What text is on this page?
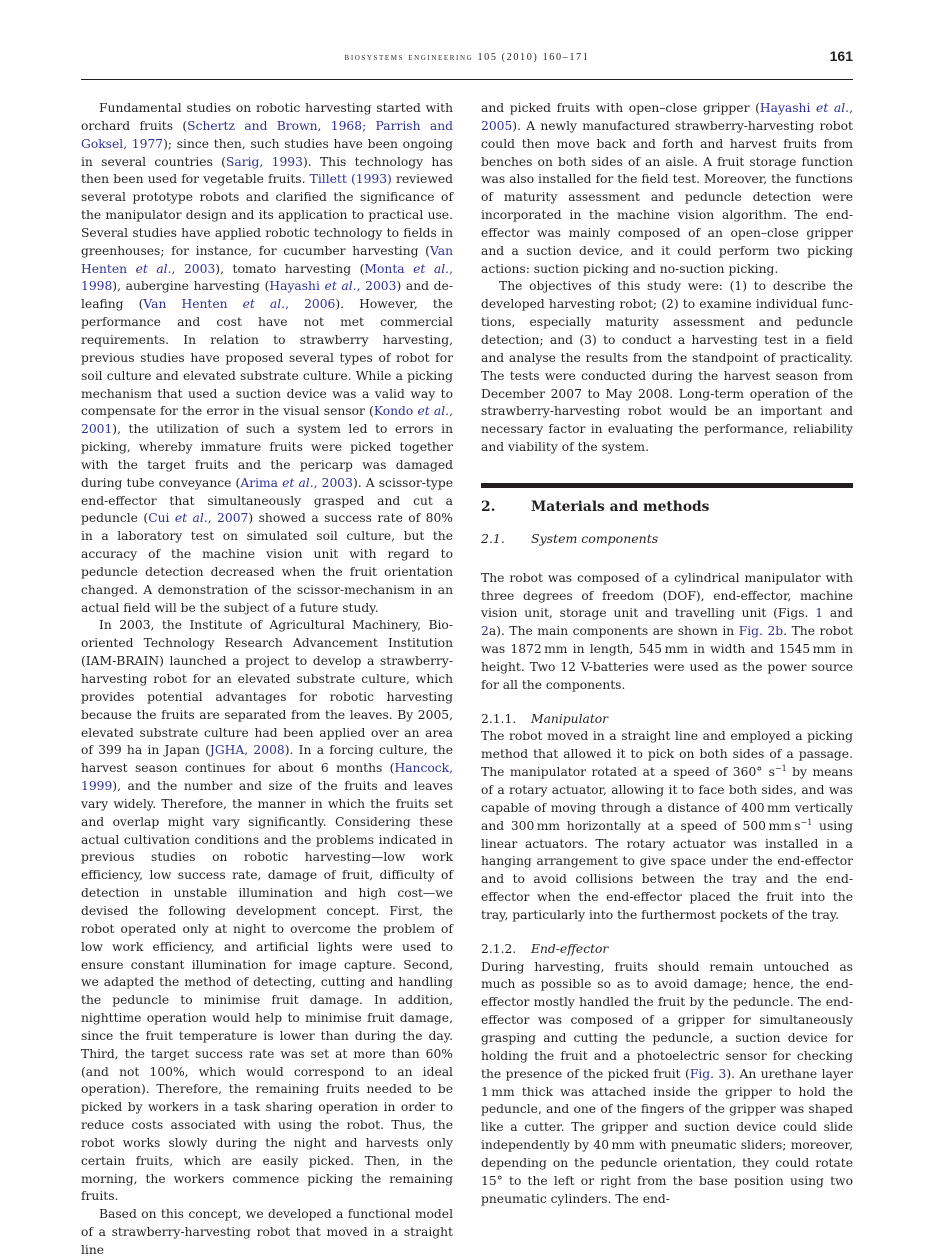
biosystems engineering 105 (2010) 160–171	161

Fundamental studies on robotic harvesting started with orchard fruits (Schertz and Brown, 1968; Parrish and Goksel, 1977); since then, such studies have been ongoing in several countries (Sarig, 1993). This technology has then been used for vegetable fruits. Tillett (1993) reviewed several prototype robots and clarified the significance of the manipulator design and its application to practical use. Several studies have applied robotic technology to fields in greenhouses; for instance, for cucumber harvesting (Van Henten et al., 2003), tomato harvesting (Monta et al., 1998), aubergine harvesting (Hayashi et al., 2003) and de-leafing (Van Henten et al., 2006). However, the performance and cost have not met commercial requirements. In relation to strawberry harvesting, previous studies have proposed several types of robot for soil culture and elevated substrate culture. While a picking mechanism that used a suction device was a valid way to compensate for the error in the visual sensor (Kondo et al., 2001), the utilization of such a system led to errors in picking, whereby immature fruits were picked together with the target fruits and the pericarp was damaged during tube conveyance (Arima et al., 2003). A scissor-type end-effector that simultaneously grasped and cut a peduncle (Cui et al., 2007) showed a success rate of 80% in a laboratory test on simulated soil culture, but the accuracy of the machine vision unit with regard to peduncle detection decreased when the fruit orientation changed. A demonstration of the scissor-mechanism in an actual field will be the subject of a future study.

In 2003, the Institute of Agricultural Machinery, Bio-oriented Technology Research Advancement Institution (IAM-BRAIN) launched a project to develop a strawberry-harvesting robot for an elevated substrate culture, which provides potential advantages for robotic harvesting because the fruits are separated from the leaves. By 2005, elevated substrate culture had been applied over an area of 399 ha in Japan (JGHA, 2008). In a forcing culture, the harvest season continues for about 6 months (Hancock, 1999), and the number and size of the fruits and leaves vary widely. Therefore, the manner in which the fruits set and overlap might vary significantly. Considering these actual cultivation conditions and the problems indicated in previous studies on robotic harvesting—low work efficiency, low success rate, damage of fruit, difficulty of detection in unstable illumination and high cost—we devised the following development concept. First, the robot operated only at night to overcome the problem of low work efficiency, and artificial lights were used to ensure constant illumination for image capture. Second, we adapted the method of detecting, cutting and handling the peduncle to minimise fruit damage. In addition, nighttime operation would help to minimise fruit damage, since the fruit temperature is lower than during the day. Third, the target success rate was set at more than 60% (and not 100%, which would correspond to an ideal operation). Therefore, the remaining fruits needed to be picked by workers in a task sharing operation in order to reduce costs associated with using the robot. Thus, the robot works slowly during the night and harvests only certain fruits, which are easily picked. Then, in the morning, the workers commence picking the remaining fruits.

Based on this concept, we developed a functional model of a strawberry-harvesting robot that moved in a straight line

and picked fruits with open–close gripper (Hayashi et al., 2005). A newly manufactured strawberry-harvesting robot could then move back and forth and harvest fruits from benches on both sides of an aisle. A fruit storage function was also installed for the field test. Moreover, the functions of maturity assessment and peduncle detection were incorporated in the machine vision algorithm. The end-effector was mainly composed of an open–close gripper and a suction device, and it could perform two picking actions: suction picking and no-suction picking.

The objectives of this study were: (1) to describe the developed harvesting robot; (2) to examine individual functions, especially maturity assessment and peduncle detection; and (3) to conduct a harvesting test in a field and analyse the results from the standpoint of practicality. The tests were conducted during the harvest season from December 2007 to May 2008. Long-term operation of the strawberry-harvesting robot would be an important and necessary factor in evaluating the performance, reliability and viability of the system.

2.	Materials and methods

2.1. System components

The robot was composed of a cylindrical manipulator with three degrees of freedom (DOF), end-effector, machine vision unit, storage unit and travelling unit (Figs. 1 and 2a). The main components are shown in Fig. 2b. The robot was 1872 mm in length, 545 mm in width and 1545 mm in height. Two 12 V-batteries were used as the power source for all the components.

2.1.1. Manipulator

The robot moved in a straight line and employed a picking method that allowed it to pick on both sides of a passage. The manipulator rotated at a speed of 360° $s^{-1}$ by means of a rotary actuator, allowing it to face both sides, and was capable of moving through a distance of 400 mm vertically and 300 mm horizontally at a speed of 500 mm $s^{-1}$ using linear actuators. The rotary actuator was installed in a hanging arrangement to give space under the end-effector and to avoid collisions between the tray and the end-effector when the end-effector placed the fruit into the tray, particularly into the furthermost pockets of the tray.

2.1.2. End-effector

During harvesting, fruits should remain untouched as much as possible so as to avoid damage; hence, the end-effector mostly handled the fruit by the peduncle. The end-effector was composed of a gripper for simultaneously grasping and cutting the peduncle, a suction device for holding the fruit and a photoelectric sensor for checking the presence of the picked fruit (Fig. 3). An urethane layer 1 mm thick was attached inside the gripper to hold the peduncle, and one of the fingers of the gripper was shaped like a cutter. The gripper and suction device could slide independently by 40 mm with pneumatic sliders; moreover, depending on the peduncle orientation, they could rotate 15° to the left or right from the base position using two pneumatic cylinders. The end-
